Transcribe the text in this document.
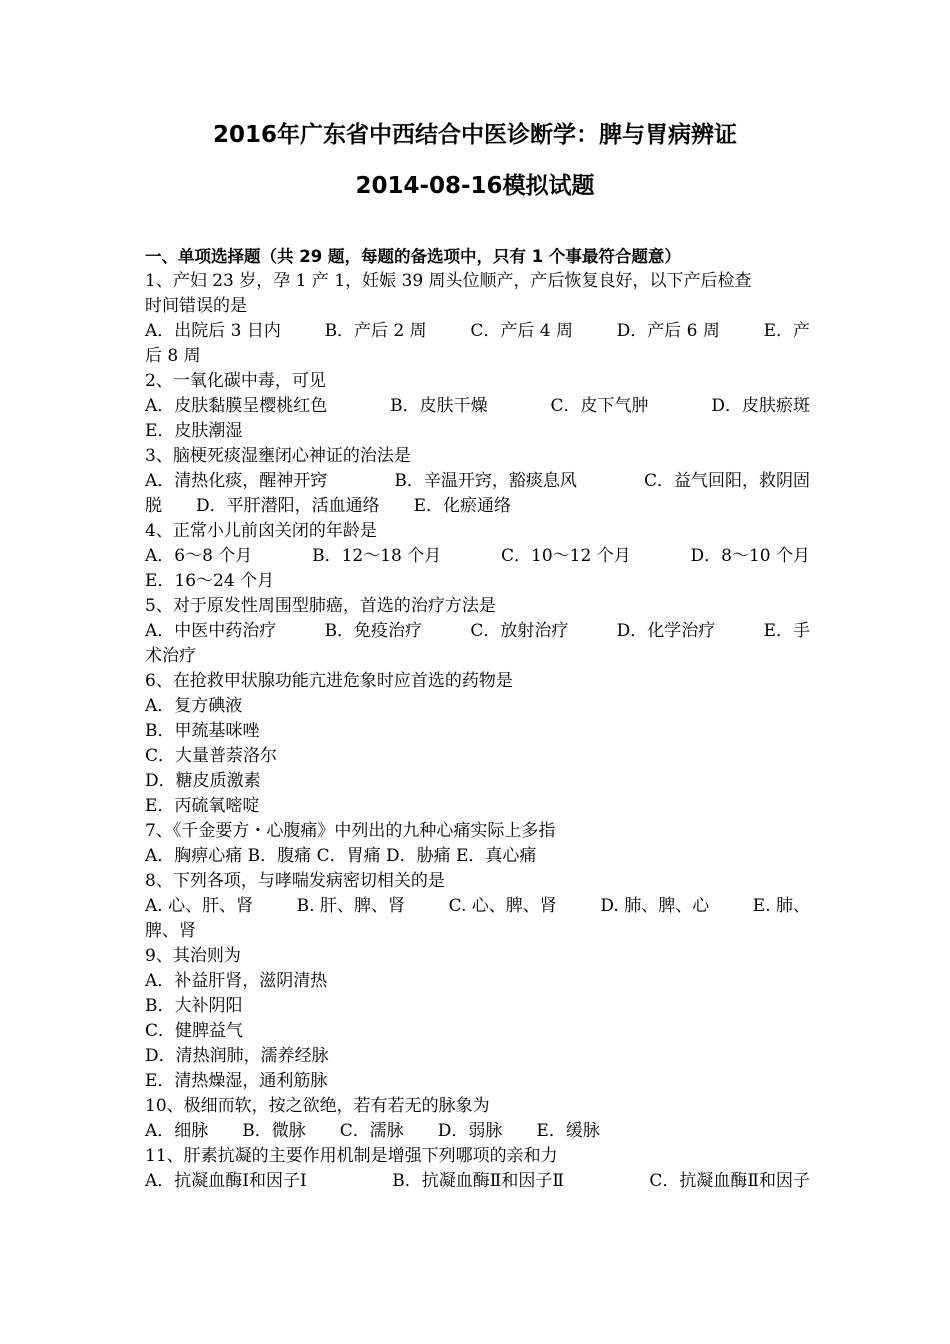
2016年广东省中西结合中医诊断学：脾与胃病辨证
2014-08-16模拟试题
一、单项选择题（共 29 题，每题的备选项中，只有 1 个事最符合题意）
1、产妇 23 岁，孕 1 产 1，妊娠 39 周头位顺产，产后恢复良好，以下产后检查
时间错误的是
A．出院后 3 日内	B．产后 2 周	C．产后 4 周	D．产后 6 周	E．产
后 8 周
2、一氧化碳中毒，可见
A．皮肤黏膜呈樱桃红色	B．皮肤干燥	C．皮下气肿	D．皮肤瘀斑
E．皮肤潮湿
3、脑梗死痰湿壅闭心神证的治法是
A．清热化痰，醒神开窍	B．辛温开窍，豁痰息风	C．益气回阳，救阴固
脱　　D．平肝潜阳，活血通络　　E．化瘀通络
4、正常小儿前囟关闭的年龄是
A．6～8 个月	B．12～18 个月	C．10～12 个月	D．8～10 个月
E．16～24 个月
5、对于原发性周围型肺癌，首选的治疗方法是
A．中医中药治疗	B．免疫治疗	C．放射治疗	D．化学治疗	E．手
术治疗
6、在抢救甲状腺功能亢进危象时应首选的药物是
A．复方碘液
B．甲巯基咪唑
C．大量普萘洛尔
D．糖皮质激素
E．丙硫氧嘧啶
7、《千金要方・心腹痛》中列出的九种心痛实际上多指
A．胸痹心痛 B．腹痛 C．胃痛 D．胁痛 E．真心痛
8、下列各项，与哮喘发病密切相关的是
A. 心、肝、肾	B. 肝、脾、肾	C. 心、脾、肾	D. 肺、脾、心	E. 肺、
脾、肾
9、其治则为
A．补益肝肾，滋阴清热
B．大补阴阳
C．健脾益气
D．清热润肺，濡养经脉
E．清热燥湿，通利筋脉
10、极细而软，按之欲绝，若有若无的脉象为
A．细脉　　B．微脉　　C．濡脉　　D．弱脉　　E．缓脉
11、肝素抗凝的主要作用机制是增强下列哪项的亲和力
A．抗凝血酶Ⅰ和因子Ⅰ	B．抗凝血酶Ⅱ和因子Ⅱ	C．抗凝血酶Ⅱ和因子
